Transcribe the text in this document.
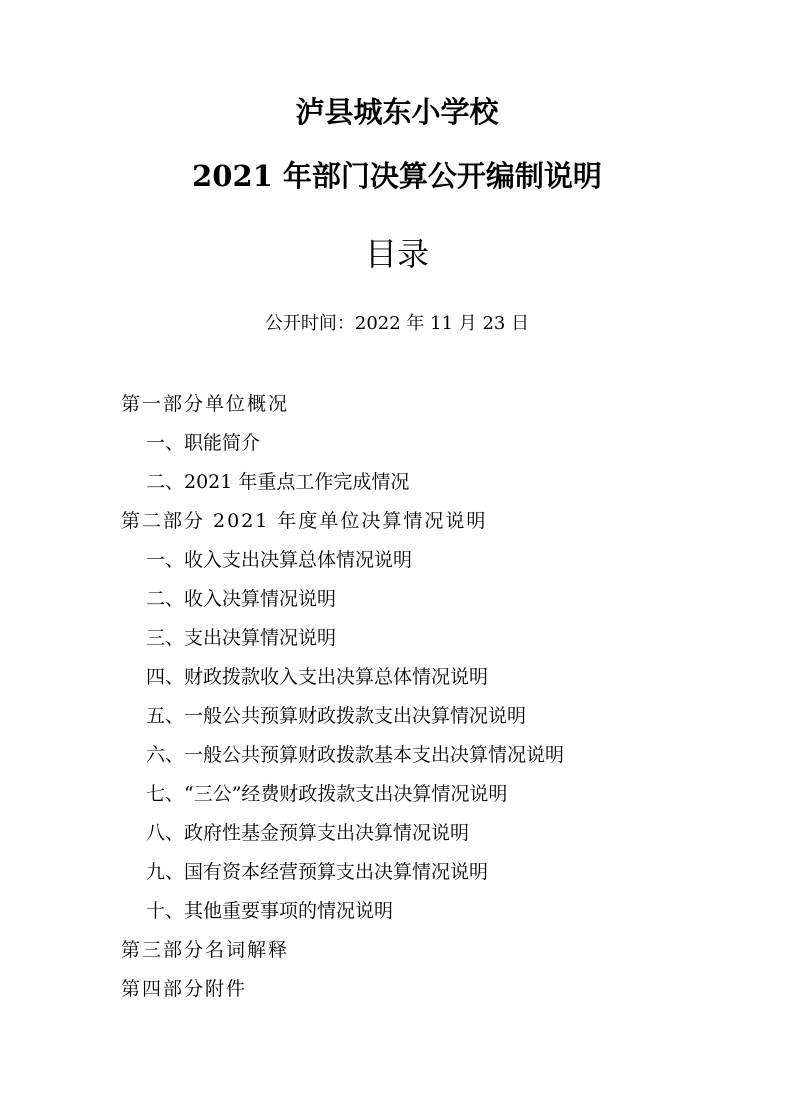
泸县城东小学校
2021 年部门决算公开编制说明
目录
公开时间：2022 年 11 月 23 日
第一部分单位概况
一、职能简介
二、2021 年重点工作完成情况
第二部分 2021 年度单位决算情况说明
一、收入支出决算总体情况说明
二、收入决算情况说明
三、支出决算情况说明
四、财政拨款收入支出决算总体情况说明
五、一般公共预算财政拨款支出决算情况说明
六、一般公共预算财政拨款基本支出决算情况说明
七、“三公”经费财政拨款支出决算情况说明
八、政府性基金预算支出决算情况说明
九、国有资本经营预算支出决算情况说明
十、其他重要事项的情况说明
第三部分名词解释
第四部分附件
